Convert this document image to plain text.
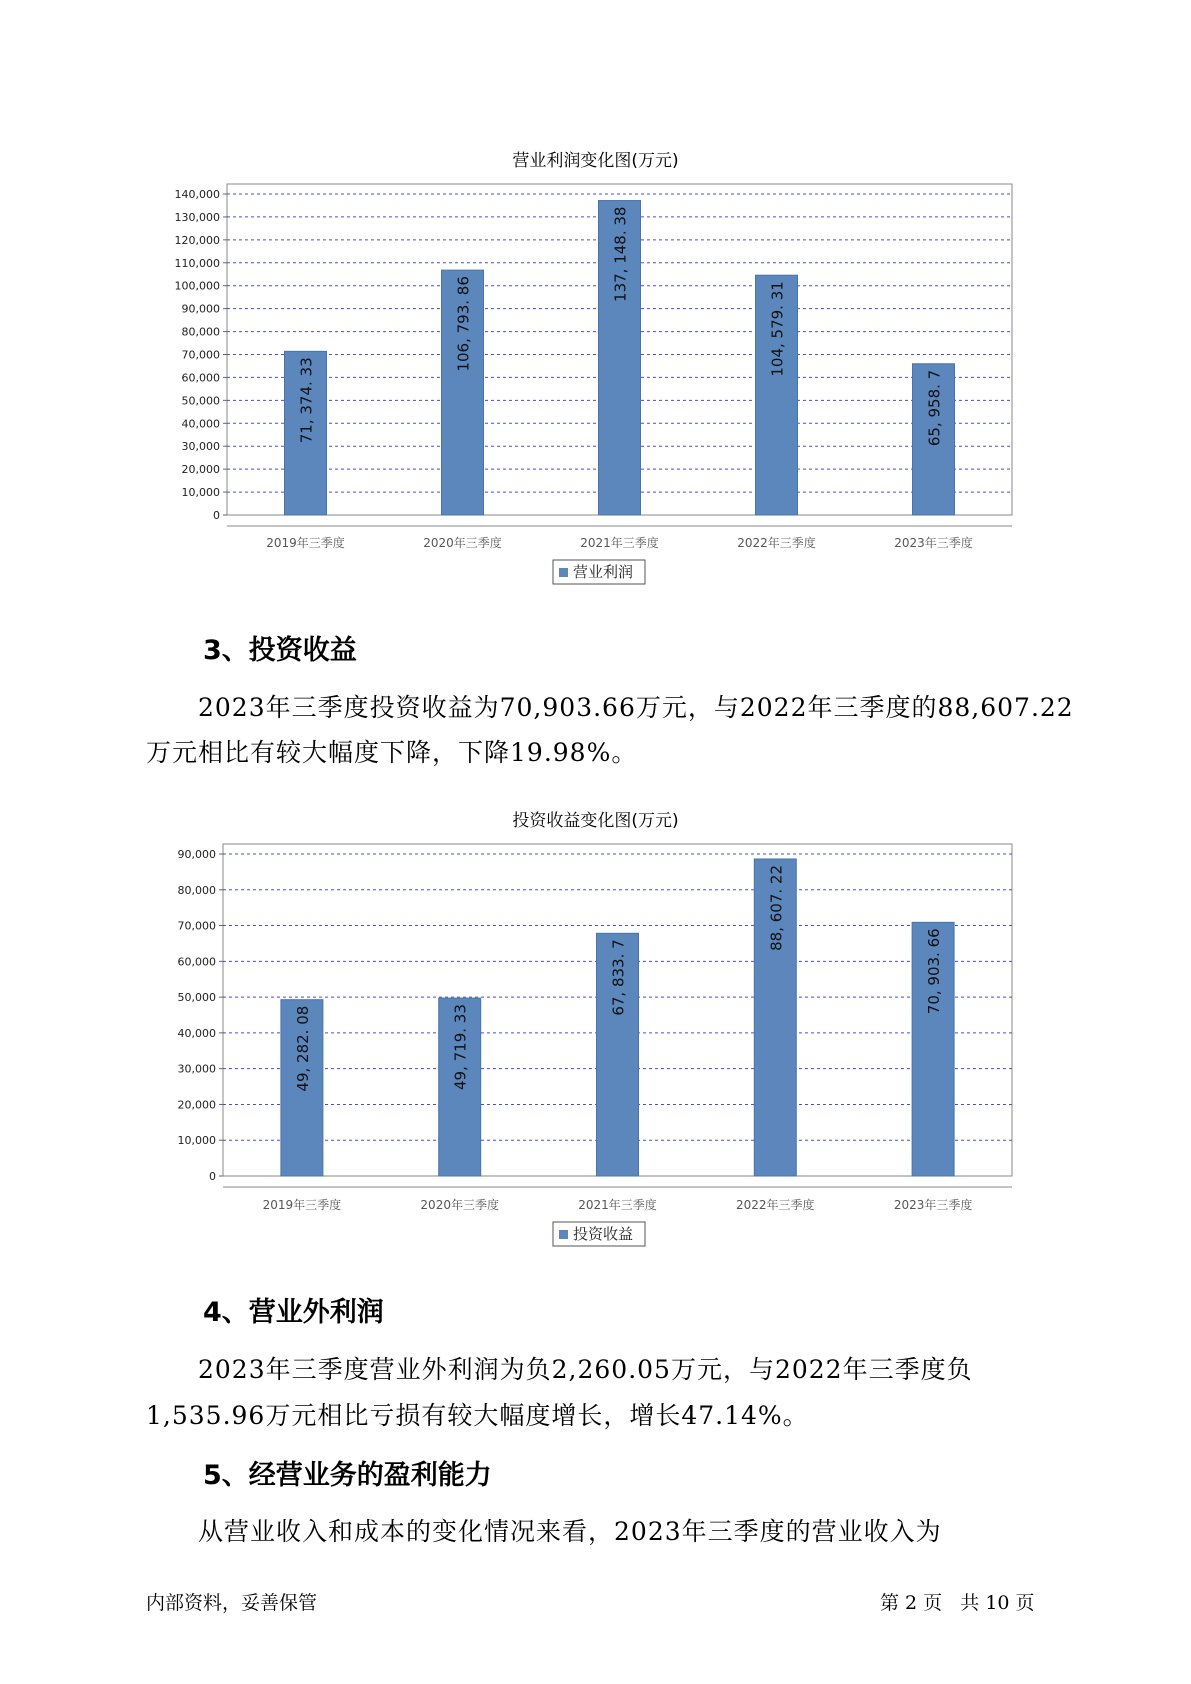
营业利润变化图(万元)
0
10,000
20,000
30,000
40,000
50,000
60,000
70,000
80,000
90,000
100,000
110,000
120,000
130,000
140,000
71, 374. 33
2019年三季度
106, 793. 86
2020年三季度
137, 148. 38
2021年三季度
104, 579. 31
2022年三季度
65, 958. 7
2023年三季度
营业利润
3、投资收益
2023年三季度投资收益为70,903.66万元，与2022年三季度的88,607.22
万元相比有较大幅度下降，下降19.98%。
投资收益变化图(万元)
0
10,000
20,000
30,000
40,000
50,000
60,000
70,000
80,000
90,000
49, 282. 08
2019年三季度
49, 719. 33
2020年三季度
67, 833. 7
2021年三季度
88, 607. 22
2022年三季度
70, 903. 66
2023年三季度
投资收益
4、营业外利润
2023年三季度营业外利润为负2,260.05万元，与2022年三季度负
1,535.96万元相比亏损有较大幅度增长，增长47.14%。
5、经营业务的盈利能力
从营业收入和成本的变化情况来看，2023年三季度的营业收入为
内部资料，妥善保管	第 2 页   共 10 页
